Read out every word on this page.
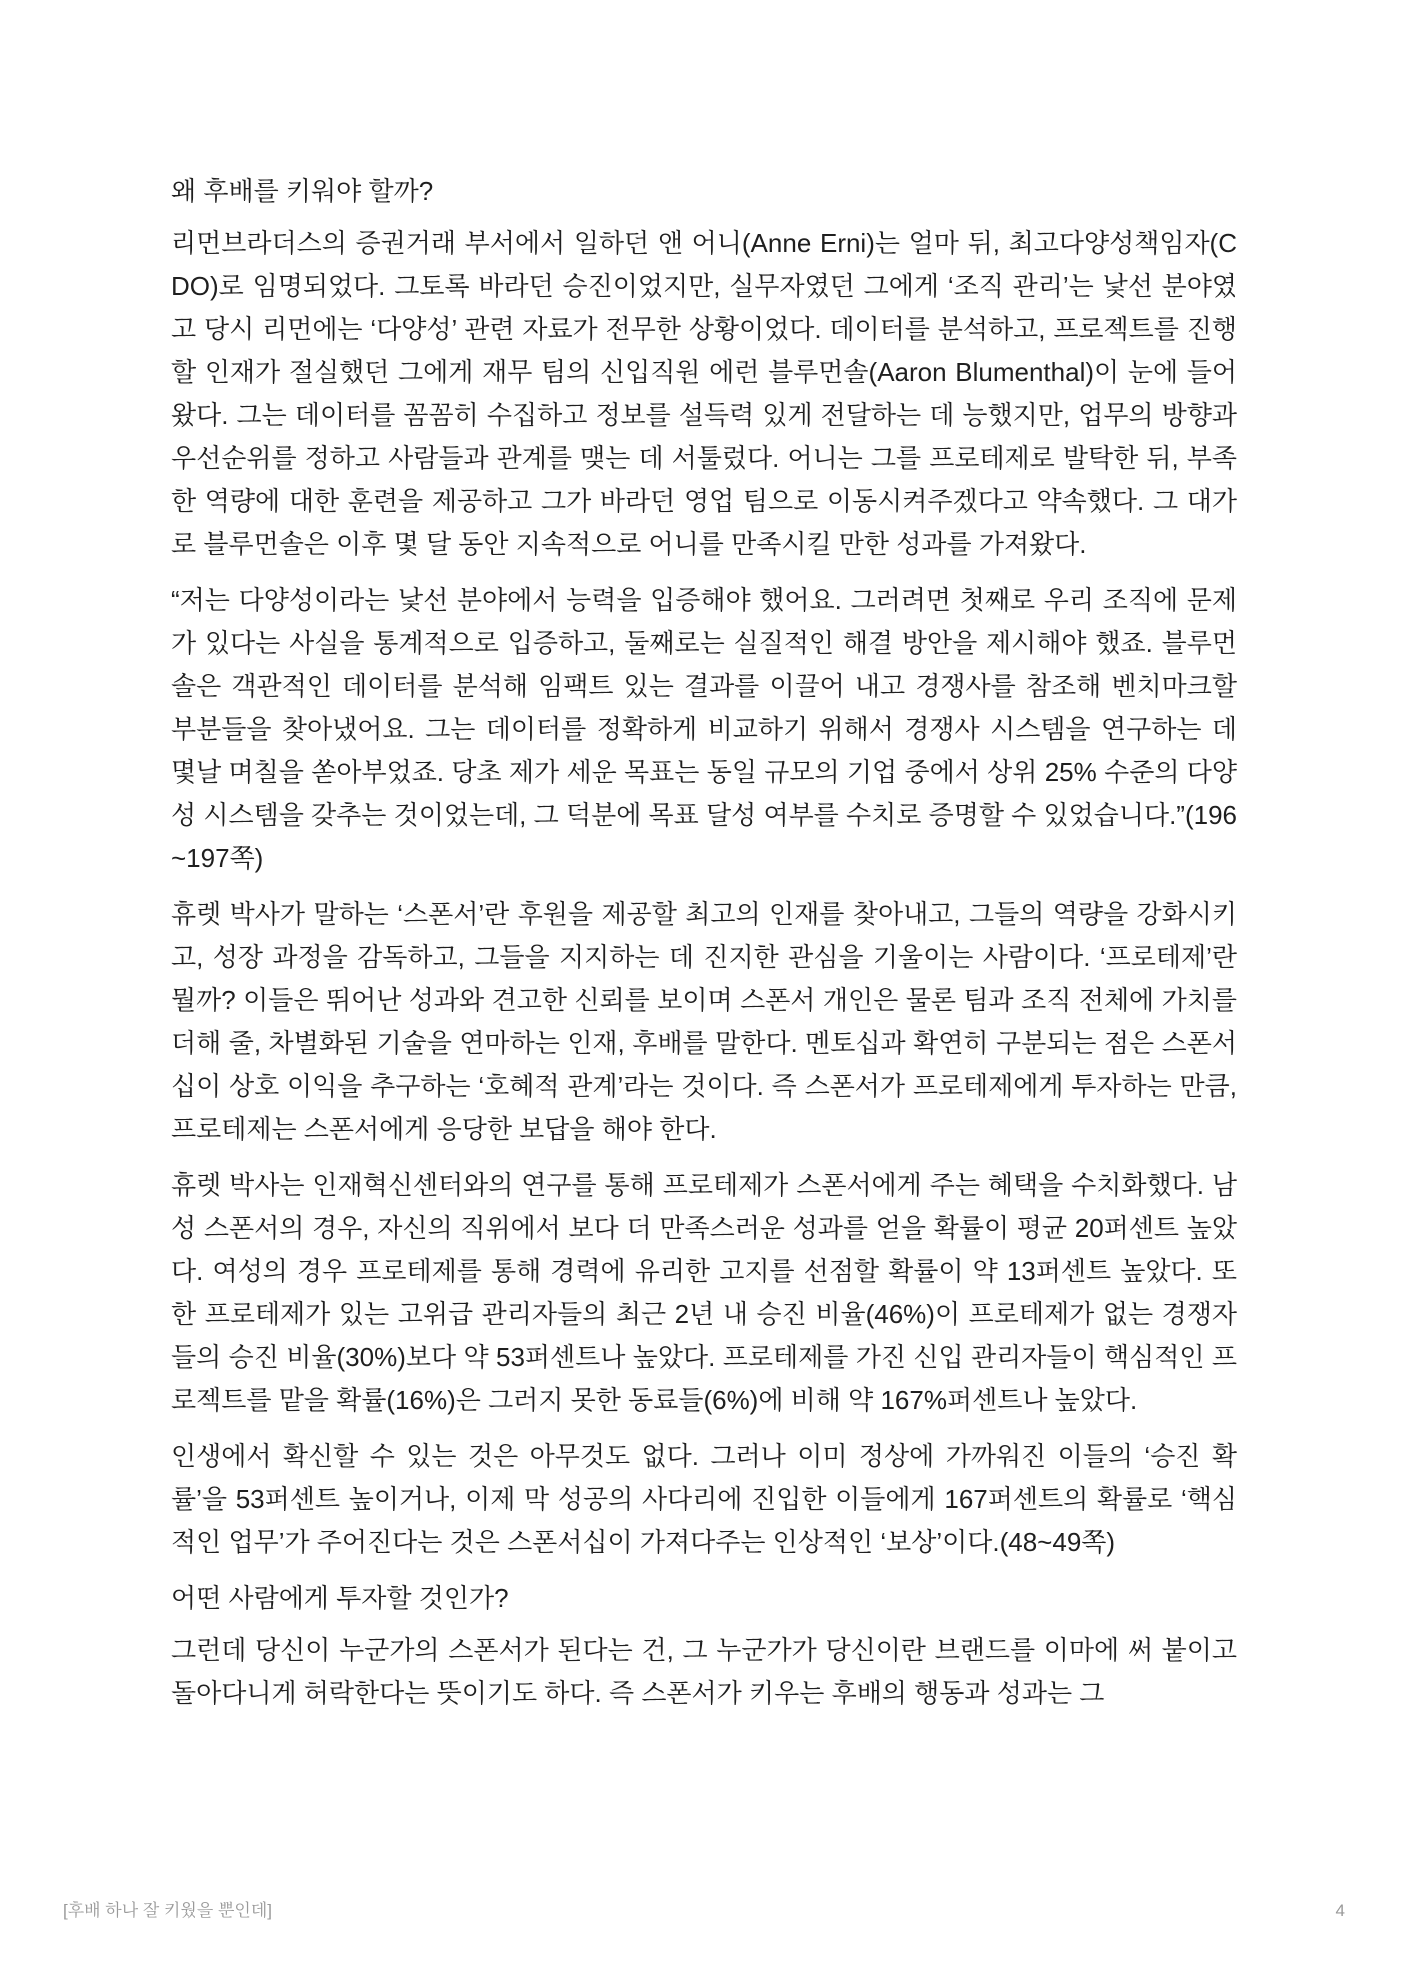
왜 후배를 키워야 할까?

리먼브라더스의 증권거래 부서에서 일하던 앤 어니(Anne Erni)는 얼마 뒤, 최고다양성책임자(CDO)로 임명되었다. 그토록 바라던 승진이었지만, 실무자였던 그에게 ‘조직 관리’는 낯선 분야였고 당시 리먼에는 ‘다양성’ 관련 자료가 전무한 상황이었다. 데이터를 분석하고, 프로젝트를 진행할 인재가 절실했던 그에게 재무 팀의 신입직원 에런 블루먼솔(Aaron Blumenthal)이 눈에 들어왔다. 그는 데이터를 꼼꼼히 수집하고 정보를 설득력 있게 전달하는 데 능했지만, 업무의 방향과 우선순위를 정하고 사람들과 관계를 맺는 데 서툴렀다. 어니는 그를 프로테제로 발탁한 뒤, 부족한 역량에 대한 훈련을 제공하고 그가 바라던 영업 팀으로 이동시켜주겠다고 약속했다. 그 대가로 블루먼솔은 이후 몇 달 동안 지속적으로 어니를 만족시킬 만한 성과를 가져왔다.

“저는 다양성이라는 낯선 분야에서 능력을 입증해야 했어요. 그러려면 첫째로 우리 조직에 문제가 있다는 사실을 통계적으로 입증하고, 둘째로는 실질적인 해결 방안을 제시해야 했죠. 블루먼솔은 객관적인 데이터를 분석해 임팩트 있는 결과를 이끌어 내고 경쟁사를 참조해 벤치마크할 부분들을 찾아냈어요. 그는 데이터를 정확하게 비교하기 위해서 경쟁사 시스템을 연구하는 데 몇날 며칠을 쏟아부었죠. 당초 제가 세운 목표는 동일 규모의 기업 중에서 상위 25% 수준의 다양성 시스템을 갖추는 것이었는데, 그 덕분에 목표 달성 여부를 수치로 증명할 수 있었습니다.”(196~197쪽)

휴렛 박사가 말하는 ‘스폰서’란 후원을 제공할 최고의 인재를 찾아내고, 그들의 역량을 강화시키고, 성장 과정을 감독하고, 그들을 지지하는 데 진지한 관심을 기울이는 사람이다. ‘프로테제’란 뭘까? 이들은 뛰어난 성과와 견고한 신뢰를 보이며 스폰서 개인은 물론 팀과 조직 전체에 가치를 더해 줄, 차별화된 기술을 연마하는 인재, 후배를 말한다. 멘토십과 확연히 구분되는 점은 스폰서십이 상호 이익을 추구하는 ‘호혜적 관계’라는 것이다. 즉 스폰서가 프로테제에게 투자하는 만큼, 프로테제는 스폰서에게 응당한 보답을 해야 한다.

휴렛 박사는 인재혁신센터와의 연구를 통해 프로테제가 스폰서에게 주는 혜택을 수치화했다. 남성 스폰서의 경우, 자신의 직위에서 보다 더 만족스러운 성과를 얻을 확률이 평균 20퍼센트 높았다. 여성의 경우 프로테제를 통해 경력에 유리한 고지를 선점할 확률이 약 13퍼센트 높았다. 또한 프로테제가 있는 고위급 관리자들의 최근 2년 내 승진 비율(46%)이 프로테제가 없는 경쟁자들의 승진 비율(30%)보다 약 53퍼센트나 높았다. 프로테제를 가진 신입 관리자들이 핵심적인 프로젝트를 맡을 확률(16%)은 그러지 못한 동료들(6%)에 비해 약 167%퍼센트나 높았다.

인생에서 확신할 수 있는 것은 아무것도 없다. 그러나 이미 정상에 가까워진 이들의 ‘승진 확률’을 53퍼센트 높이거나, 이제 막 성공의 사다리에 진입한 이들에게 167퍼센트의 확률로 ‘핵심적인 업무’가 주어진다는 것은 스폰서십이 가져다주는 인상적인 ‘보상’이다.(48~49쪽)

어떤 사람에게 투자할 것인가?

그런데 당신이 누군가의 스폰서가 된다는 건, 그 누군가가 당신이란 브랜드를 이마에 써 붙이고 돌아다니게 허락한다는 뜻이기도 하다. 즉 스폰서가 키우는 후배의 행동과 성과는 그

[후배 하나 잘 키웠을 뿐인데]	4
